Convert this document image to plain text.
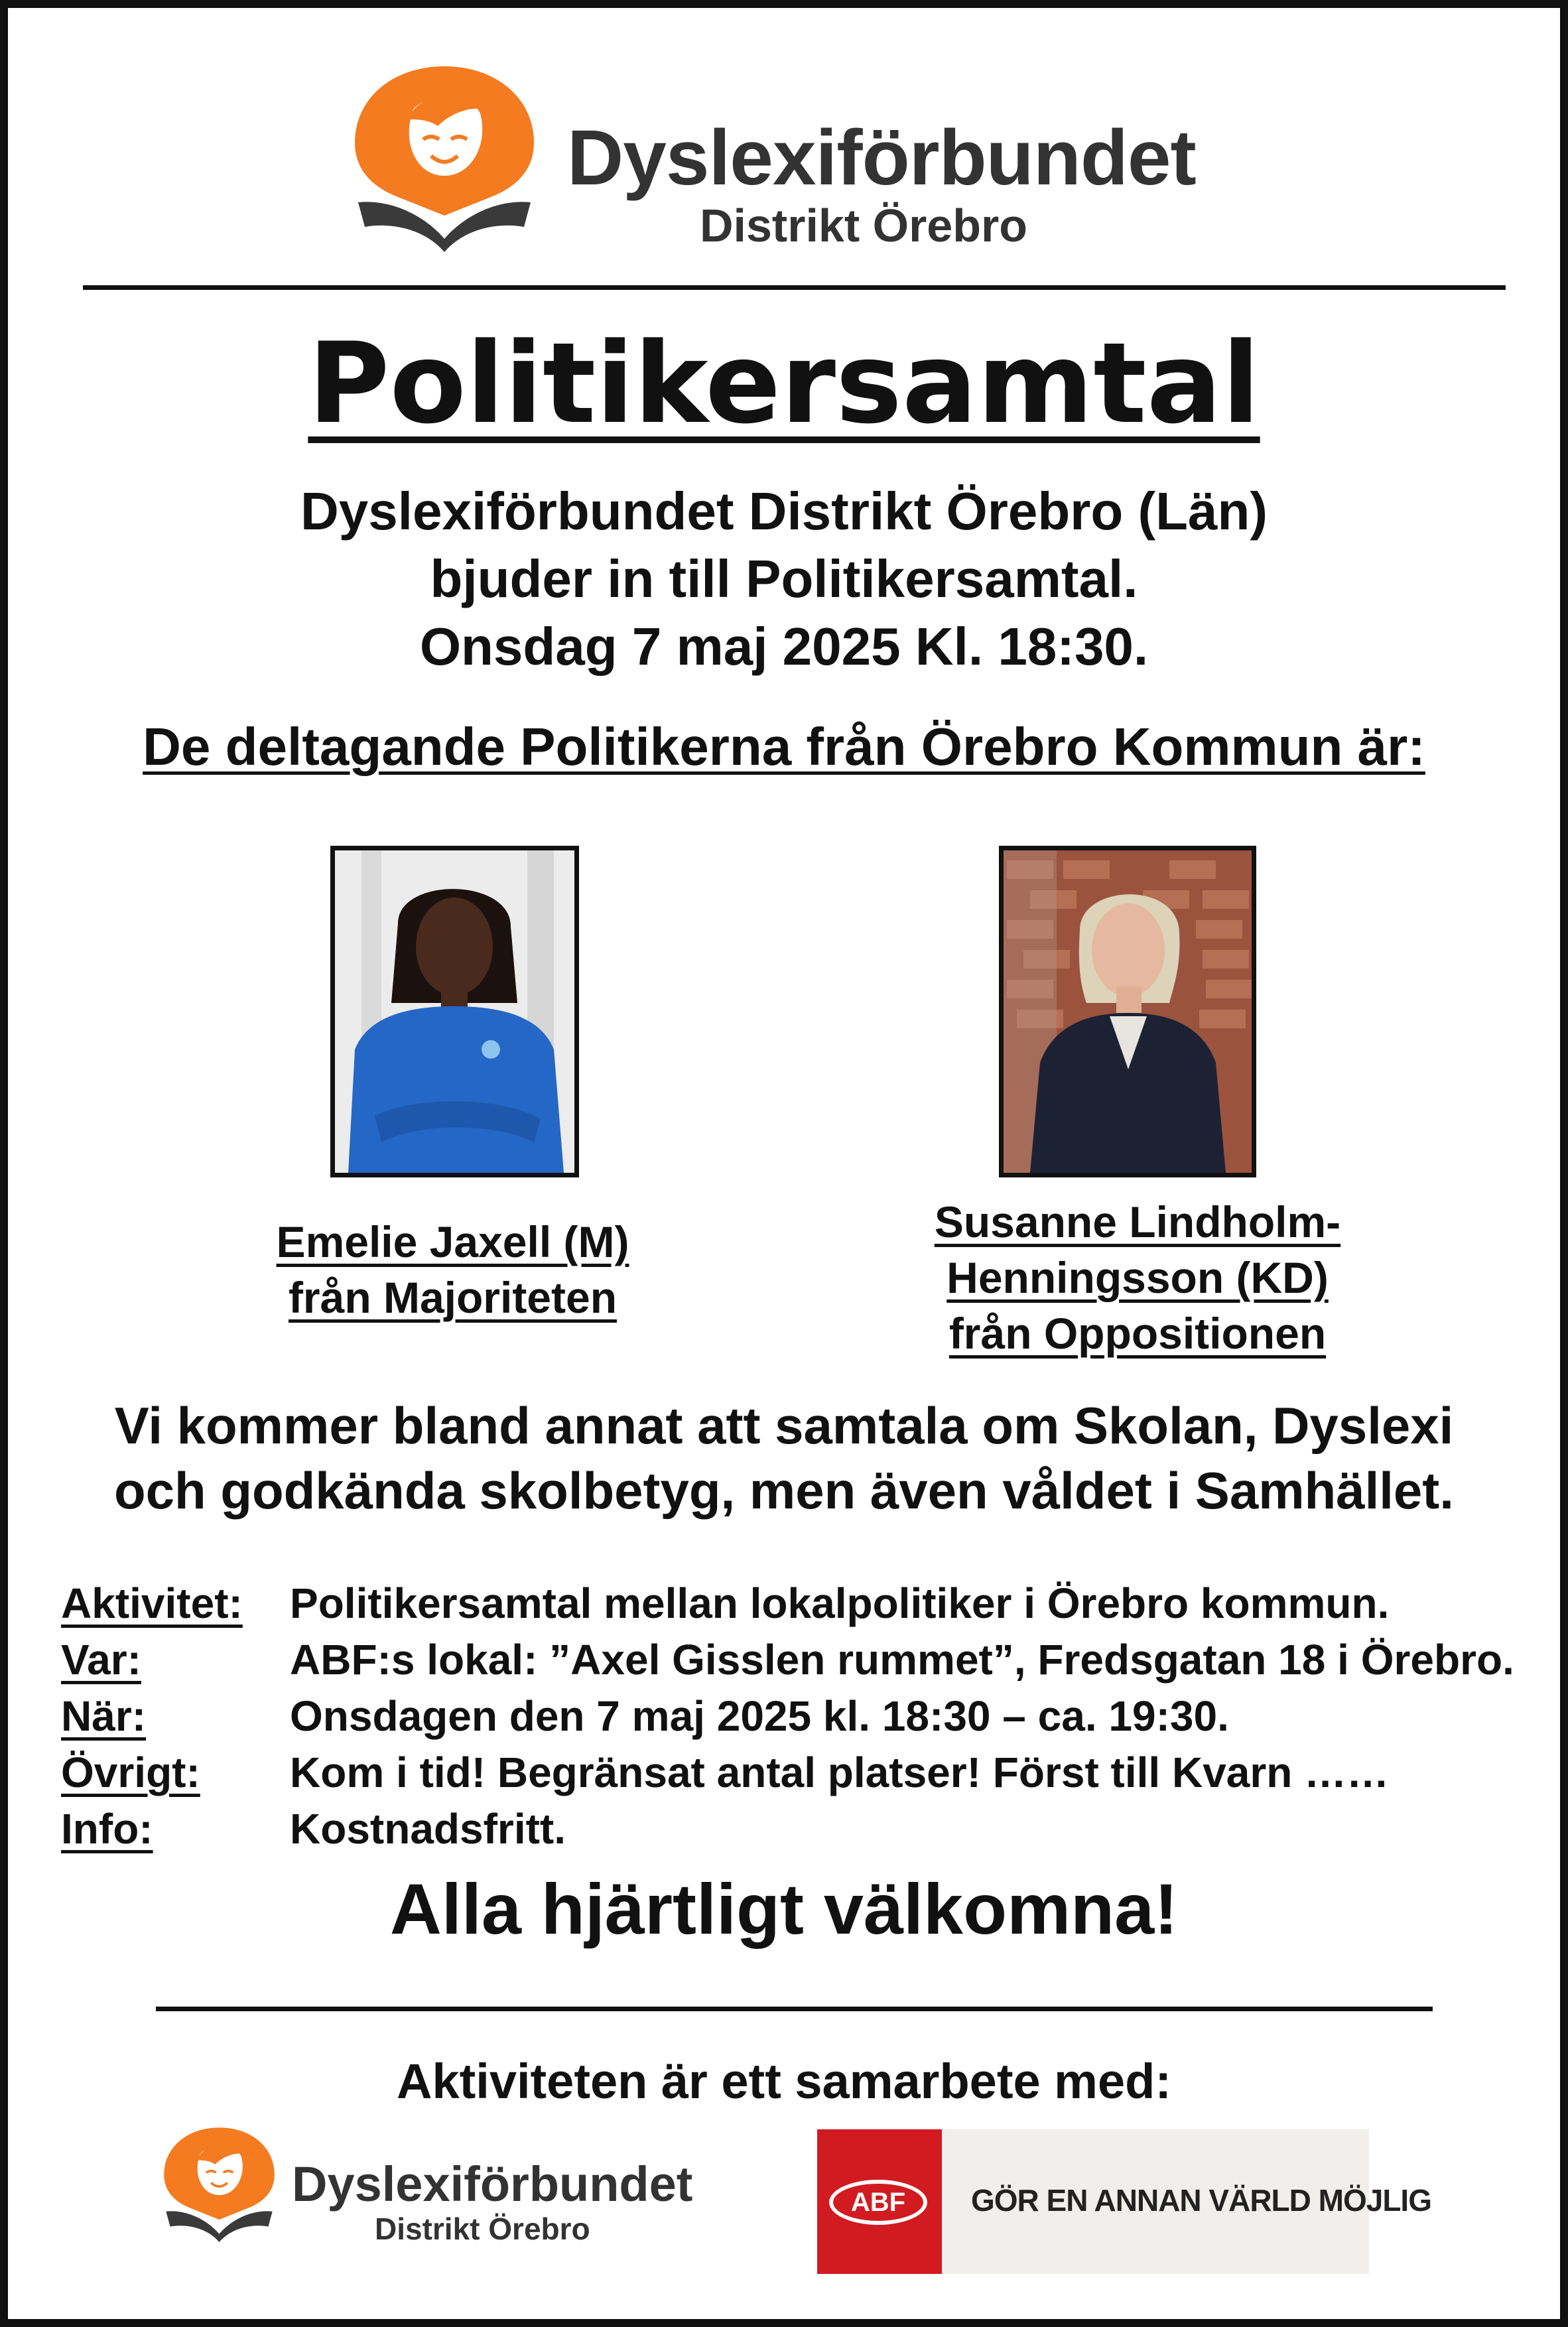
Dyslexiförbundet
Distrikt Örebro
Politikersamtal
Dyslexiförbundet Distrikt Örebro (Län)
bjuder in till Politikersamtal.
Onsdag 7 maj 2025 Kl. 18:30.
De deltagande Politikerna från Örebro Kommun är:
Emelie Jaxell (M)
från Majoriteten
Susanne Lindholm-
Henningsson (KD)
från Oppositionen
Vi kommer bland annat att samtala om Skolan, Dyslexi
och godkända skolbetyg, men även våldet i Samhället.
Aktivitet:	Politikersamtal mellan lokalpolitiker i Örebro kommun.
Var:	ABF:s lokal: ”Axel Gisslen rummet”, Fredsgatan 18 i Örebro.
När:	Onsdagen den 7 maj 2025 kl. 18:30 – ca. 19:30.
Övrigt:	Kom i tid! Begränsat antal platser! Först till Kvarn ……
Info:	Kostnadsfritt.
Alla hjärtligt välkomna!
Aktiviteten är ett samarbete med:
Dyslexiförbundet
Distrikt Örebro
ABF	GÖR EN ANNAN VÄRLD MÖJLIG
